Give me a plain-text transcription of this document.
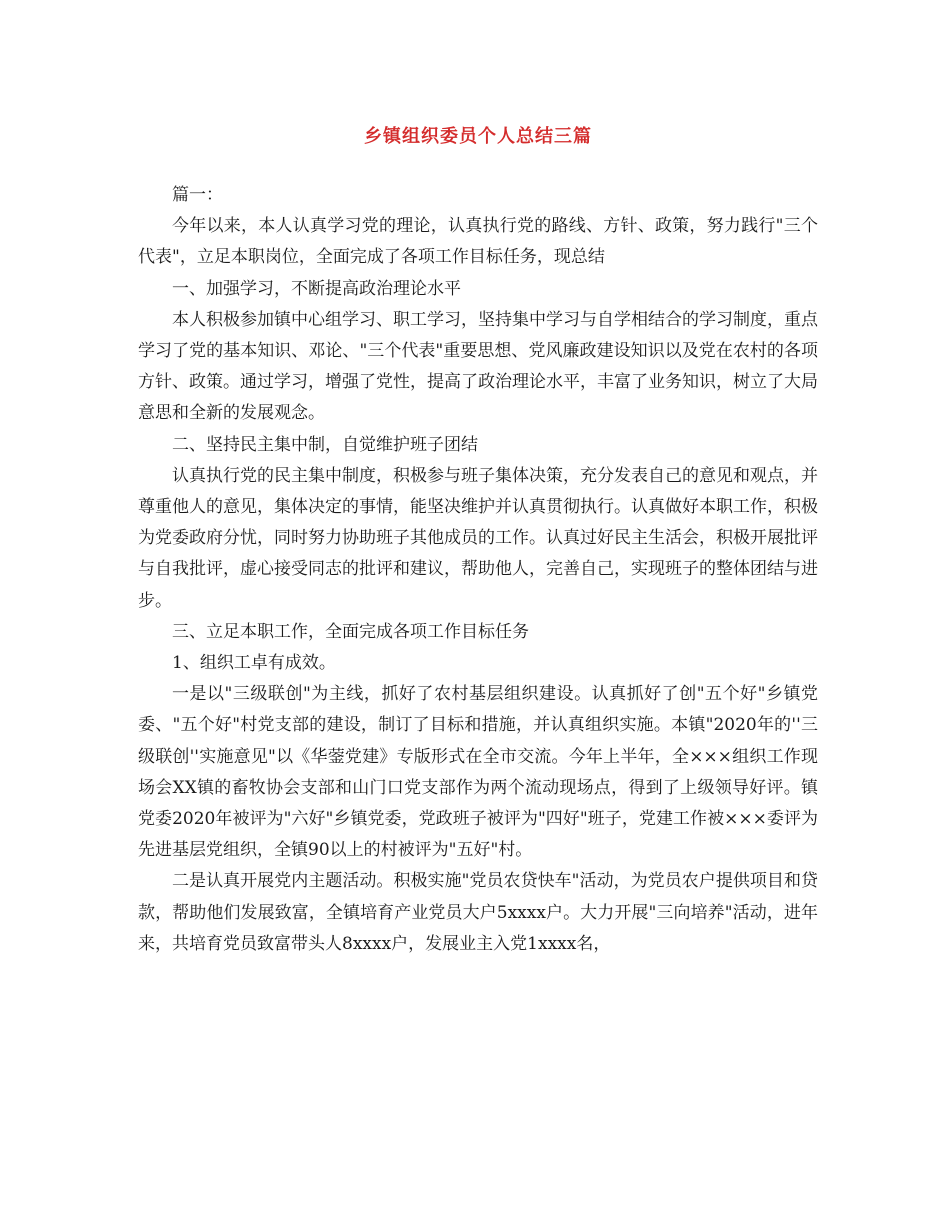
乡镇组织委员个人总结三篇

篇一：

今年以来，本人认真学习党的理论，认真执行党的路线、方针、政策，努力践行"三个代表"，立足本职岗位，全面完成了各项工作目标任务，现总结

一、加强学习，不断提高政治理论水平

本人积极参加镇中心组学习、职工学习，坚持集中学习与自学相结合的学习制度，重点学习了党的基本知识、邓论、"三个代表"重要思想、党风廉政建设知识以及党在农村的各项方针、政策。通过学习，增强了党性，提高了政治理论水平，丰富了业务知识，树立了大局意思和全新的发展观念。

二、坚持民主集中制，自觉维护班子团结

认真执行党的民主集中制度，积极参与班子集体决策，充分发表自己的意见和观点，并尊重他人的意见，集体决定的事情，能坚决维护并认真贯彻执行。认真做好本职工作，积极为党委政府分忧，同时努力协助班子其他成员的工作。认真过好民主生活会，积极开展批评与自我批评，虚心接受同志的批评和建议，帮助他人，完善自己，实现班子的整体团结与进步。

三、立足本职工作，全面完成各项工作目标任务

1、组织工卓有成效。

一是以"三级联创"为主线，抓好了农村基层组织建设。认真抓好了创"五个好"乡镇党委、"五个好"村党支部的建设，制订了目标和措施，并认真组织实施。本镇"2020年的''三级联创''实施意见"以《华蓥党建》专版形式在全市交流。今年上半年，全×××组织工作现场会XX镇的畜牧协会支部和山门口党支部作为两个流动现场点，得到了上级领导好评。镇党委2020年被评为"六好"乡镇党委，党政班子被评为"四好"班子，党建工作被×××委评为先进基层党组织，全镇90以上的村被评为"五好"村。

二是认真开展党内主题活动。积极实施"党员农贷快车"活动，为党员农户提供项目和贷款，帮助他们发展致富，全镇培育产业党员大户5xxxx户。大力开展"三向培养"活动，进年来，共培育党员致富带头人8xxxx户，发展业主入党1xxxx名，
